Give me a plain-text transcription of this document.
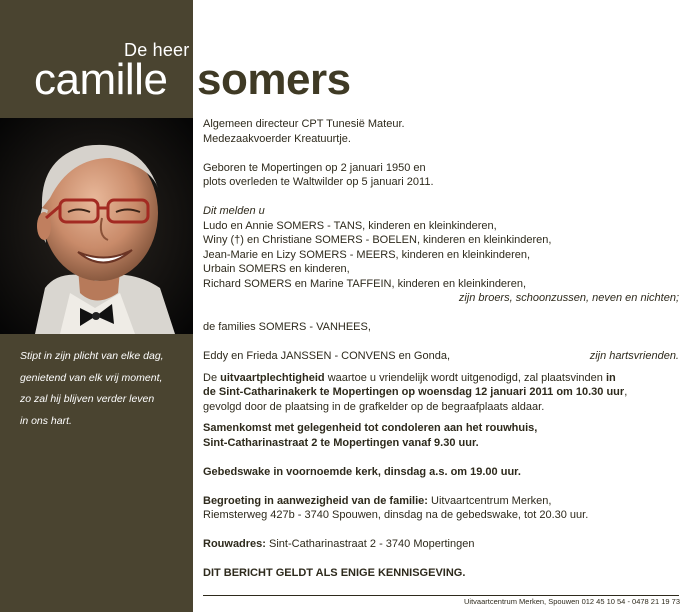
De heer
camille somers
Stipt in zijn plicht van elke dag,
genietend van elk vrij moment,
zo zal hij blijven verder leven
in ons hart.
Algemeen directeur CPT Tunesië Mateur.
Medezaakvoerder Kreatuurtje.
Geboren te Mopertingen op 2 januari 1950 en
plots overleden te Waltwilder op 5 januari 2011.
Dit melden u
Ludo en Annie SOMERS - TANS, kinderen en kleinkinderen,
Winy (†) en Christiane SOMERS - BOELEN, kinderen en kleinkinderen,
Jean-Marie en Lizy SOMERS - MEERS, kinderen en kleinkinderen,
Urbain SOMERS en kinderen,
Richard SOMERS en Marine TAFFEIN, kinderen en kleinkinderen,
zijn broers, schoonzussen, neven en nichten;
de families SOMERS - VANHEES,
Eddy en Frieda JANSSEN - CONVENS en Gonda,	zijn hartsvrienden.
De uitvaartplechtigheid waartoe u vriendelijk wordt uitgenodigd, zal plaatsvinden in
de Sint-Catharinakerk te Mopertingen op woensdag 12 januari 2011 om 10.30 uur,
gevolgd door de plaatsing in de grafkelder op de begraafplaats aldaar.
Samenkomst met gelegenheid tot condoleren aan het rouwhuis,
Sint-Catharinastraat 2 te Mopertingen vanaf 9.30 uur.
Gebedswake in voornoemde kerk, dinsdag a.s. om 19.00 uur.
Begroeting in aanwezigheid van de familie: Uitvaartcentrum Merken,
Riemsterweg 427b - 3740 Spouwen, dinsdag na de gebedswake, tot 20.30 uur.
Rouwadres: Sint-Catharinastraat 2 - 3740 Mopertingen
DIT BERICHT GELDT ALS ENIGE KENNISGEVING.
Uitvaartcentrum Merken, Spouwen 012 45 10 54 - 0478 21 19 73
